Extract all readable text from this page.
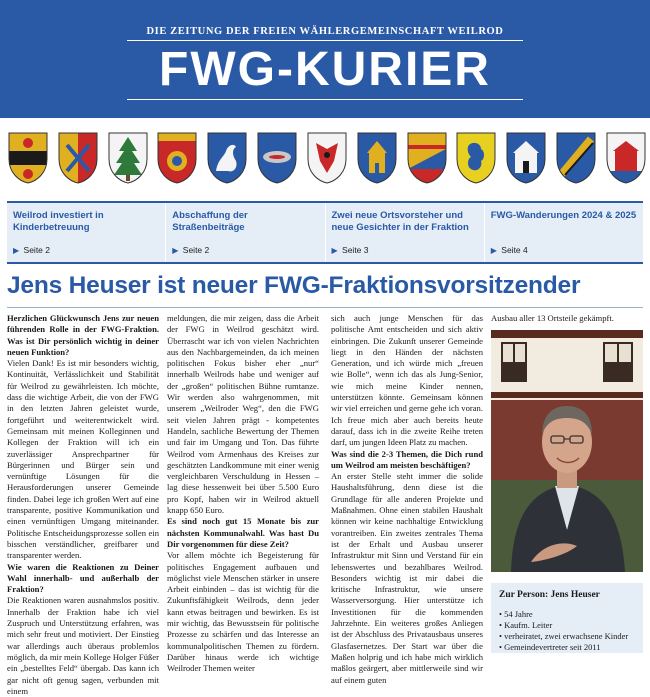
DIE ZEITUNG DER FREIEN WÄHLERGEMEINSCHAFT WEILROD
FWG-KURIER
Weilrod investiert in Kinderbetreuung
▶ Seite 2
Abschaffung der Straßenbeiträge
▶ Seite 2
Zwei neue Ortsvorsteher und neue Gesichter in der Fraktion
▶ Seite 3
FWG-Wanderungen 2024 & 2025
▶ Seite 4
Jens Heuser ist neuer FWG-Fraktionsvorsitzender

Herzlichen Glückwunsch Jens zur neuen führenden Rolle in der FWG-Fraktion. Was ist Dir persönlich wichtig in deiner neuen Funktion?

Vielen Dank! Es ist mir besonders wichtig, Kontinuität, Verlässlichkeit und Stabilität für Weilrod zu gewährleisten. Ich möchte, dass die wichtige Arbeit, die von der FWG in den letzten Jahren geleistet wurde, fortgeführt und weiterentwickelt wird. Gemeinsam mit meinen Kolleginnen und Kollegen der Fraktion will ich ein zuverlässiger Ansprechpartner für Bürgerinnen und Bürger sein und vernünftige Lösungen für die Herausforderungen unserer Gemeinde finden. Dabei lege ich großen Wert auf eine transparente, positive Kommunikation und einen vernünftigen Umgang miteinander. Politische Entscheidungsprozesse sollen ein bisschen verständlicher, greifbarer und transparenter werden.

Wie waren die Reaktionen zu Deiner Wahl innerhalb- und außerhalb der Fraktion?

Die Reaktionen waren ausnahmslos positiv. Innerhalb der Fraktion habe ich viel Zuspruch und Unterstützung erfahren, was mich sehr freut und motiviert. Der Einstieg war allerdings auch überaus problemlos möglich, da mir mein Kollege Holger Füßer ein „bestelltes Feld“ übergab. Das kann ich gar nicht oft genug sagen, verbunden mit einem

meldungen, die mir zeigen, dass die Arbeit der FWG in Weilrod geschätzt wird. Überrascht war ich von vielen Nachrichten aus den Nachbargemeinden, da ich meinen politischen Fokus bisher eher „nur“ innerhalb Weilrods habe und weniger auf der „großen“ politischen Bühne rumtanze. Wir werden also wahrgenommen, mit unserem „Weilroder Weg“, den die FWG seit vielen Jahren prägt - kompetentes Handeln, sachliche Bewertung der Themen und fair im Umgang und Ton. Das führte Weilrod vom Armenhaus des Kreises zur geschätzten Landkommune mit einer wenig vergleichbaren Verschuldung in Hessen – lag diese hessenweit bei über 5.500 Euro pro Kopf, haben wir in Weilrod aktuell knapp 650 Euro.

Es sind noch gut 15 Monate bis zur nächsten Kommunalwahl. Was hast Du Dir vorgenommen für diese Zeit?

Vor allem möchte ich Begeisterung für politisches Engagement aufbauen und möglichst viele Menschen stärker in unsere Arbeit einbinden – das ist wichtig für die Zukunftsfähigkeit Weilrods, denn jeder kann etwas beitragen und bewirken. Es ist mir wichtig, das Bewusstsein für politische Prozesse zu schärfen und das Interesse an kommunalpolitischen Themen zu fördern. Darüber hinaus werde ich wichtige Weilroder Themen weiter

sich auch junge Menschen für das politische Amt entscheiden und sich aktiv einbringen. Die Zukunft unserer Gemeinde liegt in den Händen der nächsten Generation, und ich würde mich „freuen wie Bolle“, wenn ich das als Jung-Senior, wie mich meine Kinder nennen, unterstützen könnte. Gemeinsam können wir viel erreichen und gerne gehe ich voran. Ich freue mich aber auch bereits heute darauf, dass ich in die zweite Reihe treten darf, um jungen Ideen Platz zu machen.

Was sind die 2-3 Themen, die Dich rund um Weilrod am meisten beschäftigen?

An erster Stelle steht immer die solide Haushaltsführung, denn diese ist die Grundlage für alle anderen Projekte und Maßnahmen. Ohne einen stabilen Haushalt können wir keine nachhaltige Entwicklung vorantreiben. Ein zweites zentrales Thema ist der Erhalt und Ausbau unserer Infrastruktur mit Sinn und Verstand für ein lebenswertes und bezahlbares Weilrod. Besonders wichtig ist mir dabei die kritische Infrastruktur, wie unsere Wasserversorgung. Hier unterstütze ich Investitionen für die kommenden Jahrzehnte. Ein weiteres großes Anliegen ist der Abschluss des Privatausbaus unseres Glasfasernetzes. Der Start war über die Maßen holprig und ich habe mich wirklich maßlos geärgert, aber mittlerweile sind wir auf einem guten

Ausbau aller 13 Ortsteile gekämpft.
Zur Person: Jens Heuser
• 54 Jahre
• Kaufm. Leiter
• verheiratet, zwei erwachsene Kinder
• Gemeindevertreter seit 2011
